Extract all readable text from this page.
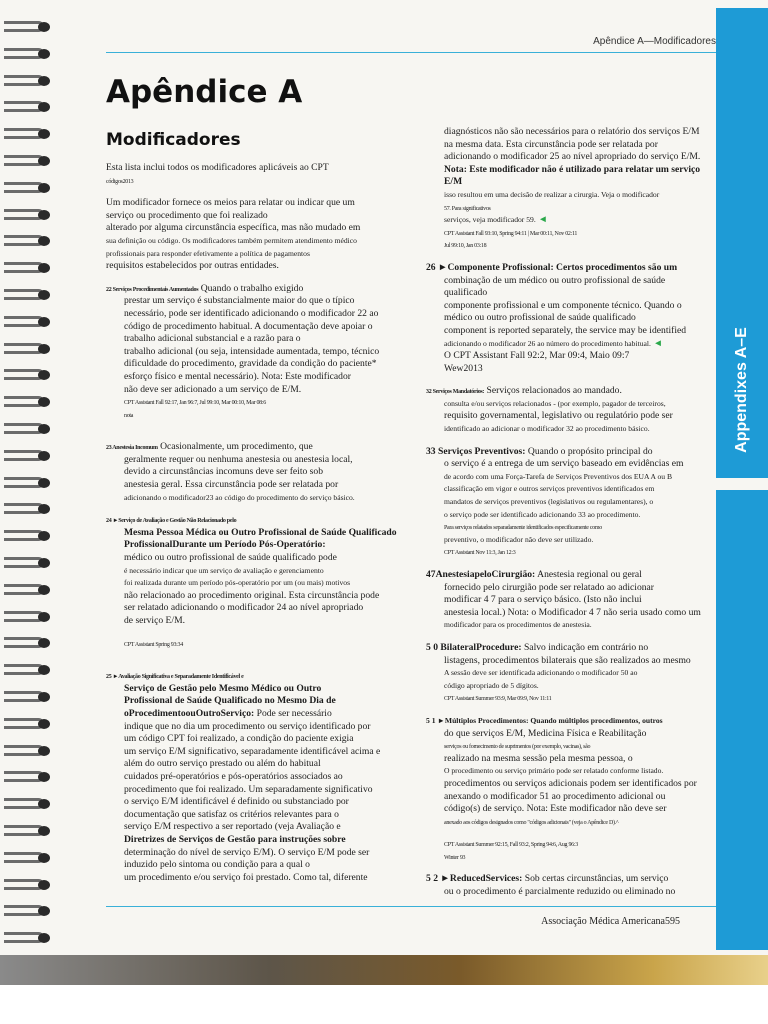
Apêndice A—Modificadores
Appendixes A–E
Apêndice A
Modificadores

Esta lista inclui todos os modificadores aplicáveis ao CPT

códigos2013

Um modificador fornece os meios para relatar ou indicar que um

serviço ou procedimento que foi realizado

alterado por alguma circunstância específica, mas não mudado em

sua definição ou código. Os modificadores também permitem atendimento médico

profissionais para responder efetivamente a política de pagamentos

requisitos estabelecidos por outras entidades.

22 Serviços Procedimentais Aumentados Quando o trabalho exigido

prestar um serviço é substancialmente maior do que o típico

necessário, pode ser identificado adicionando o modificador 22 ao

código de procedimento habitual. A documentação deve apoiar o

trabalho adicional substancial e a razão para o

trabalho adicional (ou seja, intensidade aumentada, tempo, técnico

dificuldade do procedimento, gravidade da condição do paciente*

esforço físico e mental necessário). Nota: Este modificador

não deve ser adicionado a um serviço de E/M.

CPT Assistant Fall 92:17, Jan 96:7, Jul 99:10, Mar 00:10, Mar 08:6

nota

23 Anestesia Incomum Ocasionalmente, um procedimento, que

geralmente requer ou nenhuma anestesia ou anestesia local,

devido a circunstâncias incomuns deve ser feito sob

anestesia geral. Essa circunstância pode ser relatada por

adicionando o modificador23 ao código do procedimento do serviço básico.

24 ►Serviço de Avaliação e Gestão Não Relacionado pelo

Mesma Pessoa Médica ou Outro Profissional de Saúde Qualificado

ProfissionalDurante um Período Pós-Operatório:

médico ou outro profissional de saúde qualificado pode

é necessário indicar que um serviço de avaliação e gerenciamento

foi realizada durante um período pós-operatório por um (ou mais) motivos

não relacionado ao procedimento original. Esta circunstância pode

ser relatado adicionando o modificador 24 ao nível apropriado

de serviço E/M.

CPT Assistant Spring 93:34

25 ►Avaliação Significativa e Separadamente Identificável e

Serviço de Gestão pelo Mesmo Médico ou Outro

Profissional de Saúde Qualificado no Mesmo Dia de

oProcedimentoouOutroServiço: Pode ser necessário

indique que no dia um procedimento ou serviço identificado por

um código CPT foi realizado, a condição do paciente exigia

um serviço E/M significativo, separadamente identificável acima e

além do outro serviço prestado ou além do habitual

cuidados pré-operatórios e pós-operatórios associados ao

procedimento que foi realizado. Um separadamente significativo

o serviço E/M identificável é definido ou substanciado por

documentação que satisfaz os critérios relevantes para o

serviço E/M respectivo a ser reportado (veja Avaliação e

Diretrizes de Serviços de Gestão para instruções sobre

determinação do nível de serviço E/M). O serviço E/M pode ser

induzido pelo sintoma ou condição para a qual o

um procedimento e/ou serviço foi prestado. Como tal, diferente

diagnósticos não são necessários para o relatório dos serviços E/M

na mesma data. Esta circunstância pode ser relatada por

adicionando o modificador 25 ao nível apropriado do serviço E/M.

Nota: Este modificador não é utilizado para relatar um serviço E/M

isso resultou em uma decisão de realizar a cirurgia. Veja o modificador

57. Para significativos

serviços, veja modificador 59. ◄

CPT Assistant Fall 93:10, Spring 94:11 | Mar 00:11, Nov 02:11

Jul 99:10, Jan 03:18

26 ►Componente Profissional: Certos procedimentos são um

combinação de um médico ou outro profissional de saúde qualificado

componente profissional e um componente técnico. Quando o

médico ou outro profissional de saúde qualificado

component is reported separately, the service may be identified

adicionando o modificador 26 ao número do procedimento habitual. ◄

O CPT Assistant Fall 92:2, Mar 09:4, Maio 09:7

Wew2013

32 Serviços Mandatórios: Serviços relacionados ao mandado.

consulta e/ou serviços relacionados - (por exemplo, pagador de terceiros,

requisito governamental, legislativo ou regulatório pode ser

identificado ao adicionar o modificador 32 ao procedimento básico.

33 Serviços Preventivos: Quando o propósito principal do

o serviço é a entrega de um serviço baseado em evidências em

de acordo com uma Força-Tarefa de Serviços Preventivos dos EUA A ou B

classificação em vigor e outros serviços preventivos identificados em

mandatos de serviços preventivos (legislativos ou regulamentares), o

o serviço pode ser identificado adicionando 33 ao procedimento.

Para serviços relatados separadamente identificados especificamente como

preventivo, o modificador não deve ser utilizado.

CPT Assistant Nov 11:3, Jan 12:3

47AnestesiapeloCirurgião: Anestesia regional ou geral

fornecido pelo cirurgião pode ser relatado ao adicionar

modificar 4 7 para o serviço básico. (Isto não inclui

anestesia local.) Nota: o Modificador 4 7 não seria usado como um

modificador para os procedimentos de anestesia.

5 0 BilateralProcedure: Salvo indicação em contrário no

listagens, procedimentos bilaterais que são realizados ao mesmo

A sessão deve ser identificada adicionando o modificador 50 ao

código apropriado de 5 dígitos.

CPT Assistant Summer 93:9, Mar 09:9, Nov 11:11

5 1 ►Múltiplos Procedimentos: Quando múltiplos procedimentos, outros

do que serviços E/M, Medicina Física e Reabilitação

serviços ou fornecimento de suprimentos (por exemplo, vacinas), são

realizado na mesma sessão pela mesma pessoa, o

O procedimento ou serviço primário pode ser relatado conforme listado.

procedimentos ou serviços adicionais podem ser identificados por

anexando o modificador 51 ao procedimento adicional ou

código(s) de serviço. Nota: Este modificador não deve ser

anexado aos códigos designados como "códigos adicionais" (veja o Apêndice D).^

CPT Assistant Summer 92:15, Fall 93:2, Spring 94:6, Aug 96:3

Winter 93

5 2 ►ReducedServices: Sob certas circunstâncias, um serviço

ou o procedimento é parcialmente reduzido ou eliminado no

Associação Médica Americana595
